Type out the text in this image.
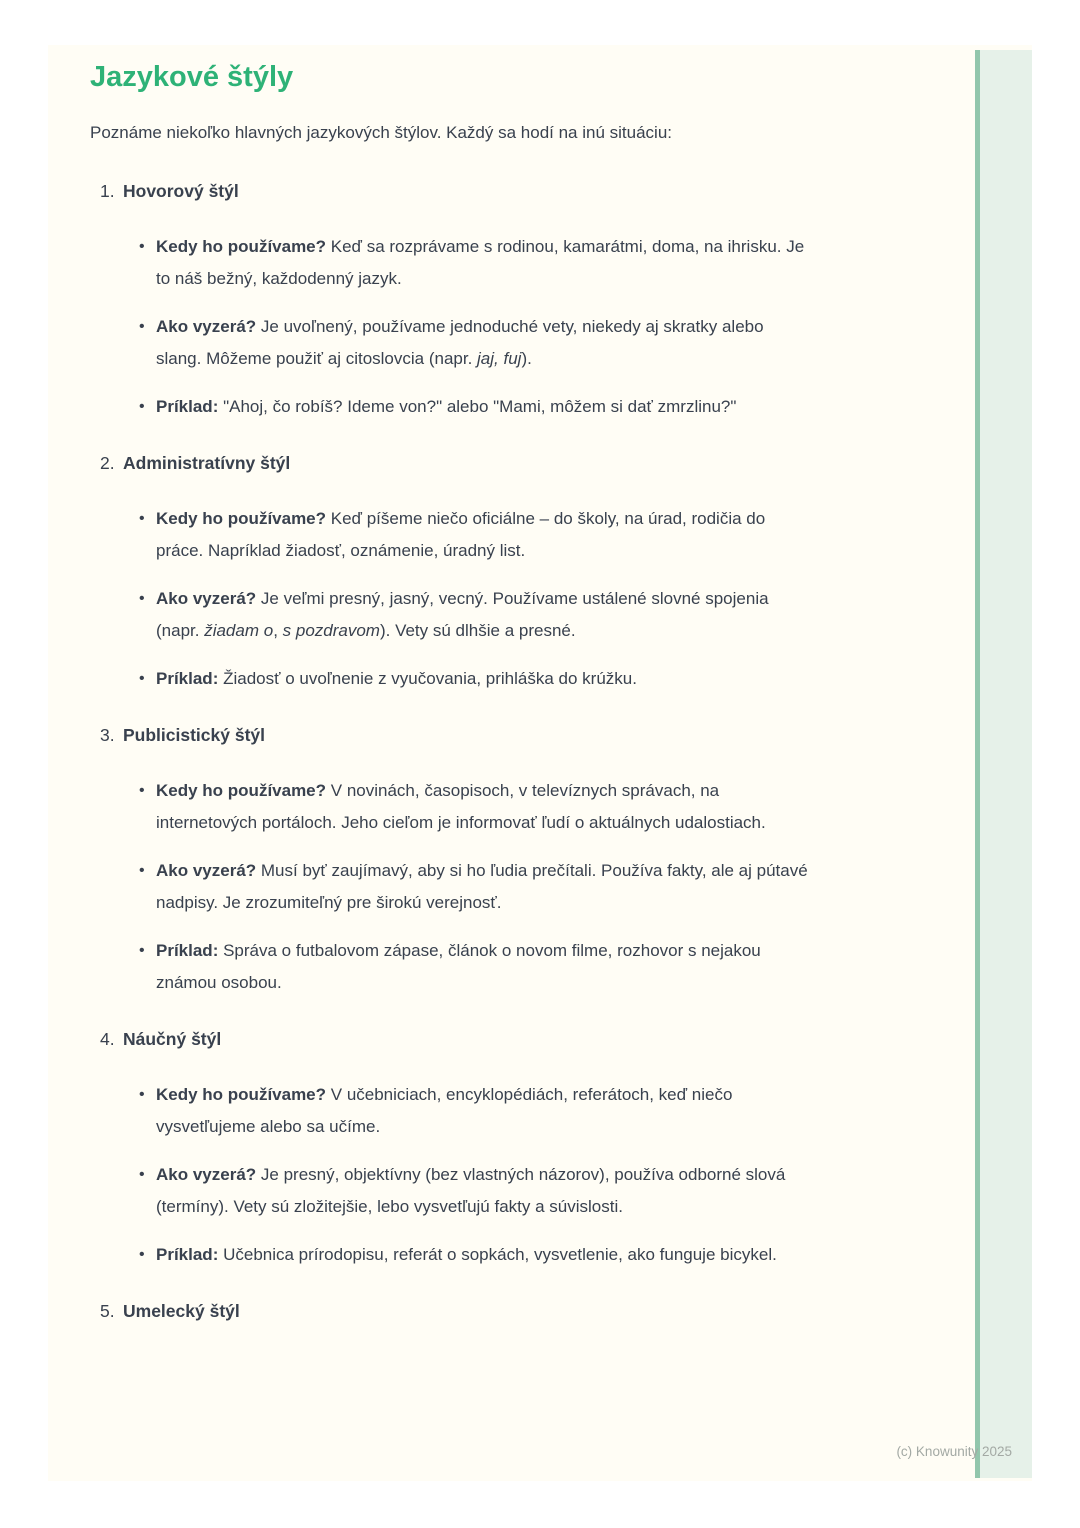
Jazykové štýly

Poznáme niekoľko hlavných jazykových štýlov. Každý sa hodí na inú situáciu:

1. Hovorový štýl
• Kedy ho používame? Keď sa rozprávame s rodinou, kamarátmi, doma, na ihrisku. Je to náš bežný, každodenný jazyk.
• Ako vyzerá? Je uvoľnený, používame jednoduché vety, niekedy aj skratky alebo slang. Môžeme použiť aj citoslovcia (napr. jaj, fuj).
• Príklad: "Ahoj, čo robíš? Ideme von?" alebo "Mami, môžem si dať zmrzlinu?"
2. Administratívny štýl
• Kedy ho používame? Keď píšeme niečo oficiálne – do školy, na úrad, rodičia do práce. Napríklad žiadosť, oznámenie, úradný list.
• Ako vyzerá? Je veľmi presný, jasný, vecný. Používame ustálené slovné spojenia (napr. žiadam o, s pozdravom). Vety sú dlhšie a presné.
• Príklad: Žiadosť o uvoľnenie z vyučovania, prihláška do krúžku.
3. Publicistický štýl
• Kedy ho používame? V novinách, časopisoch, v televíznych správach, na internetových portáloch. Jeho cieľom je informovať ľudí o aktuálnych udalostiach.
• Ako vyzerá? Musí byť zaujímavý, aby si ho ľudia prečítali. Používa fakty, ale aj pútavé nadpisy. Je zrozumiteľný pre širokú verejnosť.
• Príklad: Správa o futbalovom zápase, článok o novom filme, rozhovor s nejakou známou osobou.
4. Náučný štýl
• Kedy ho používame? V učebniciach, encyklopédiách, referátoch, keď niečo vysvetľujeme alebo sa učíme.
• Ako vyzerá? Je presný, objektívny (bez vlastných názorov), používa odborné slová (termíny). Vety sú zložitejšie, lebo vysvetľujú fakty a súvislosti.
• Príklad: Učebnica prírodopisu, referát o sopkách, vysvetlenie, ako funguje bicykel.
5. Umelecký štýl
(c) Knowunity 2025
